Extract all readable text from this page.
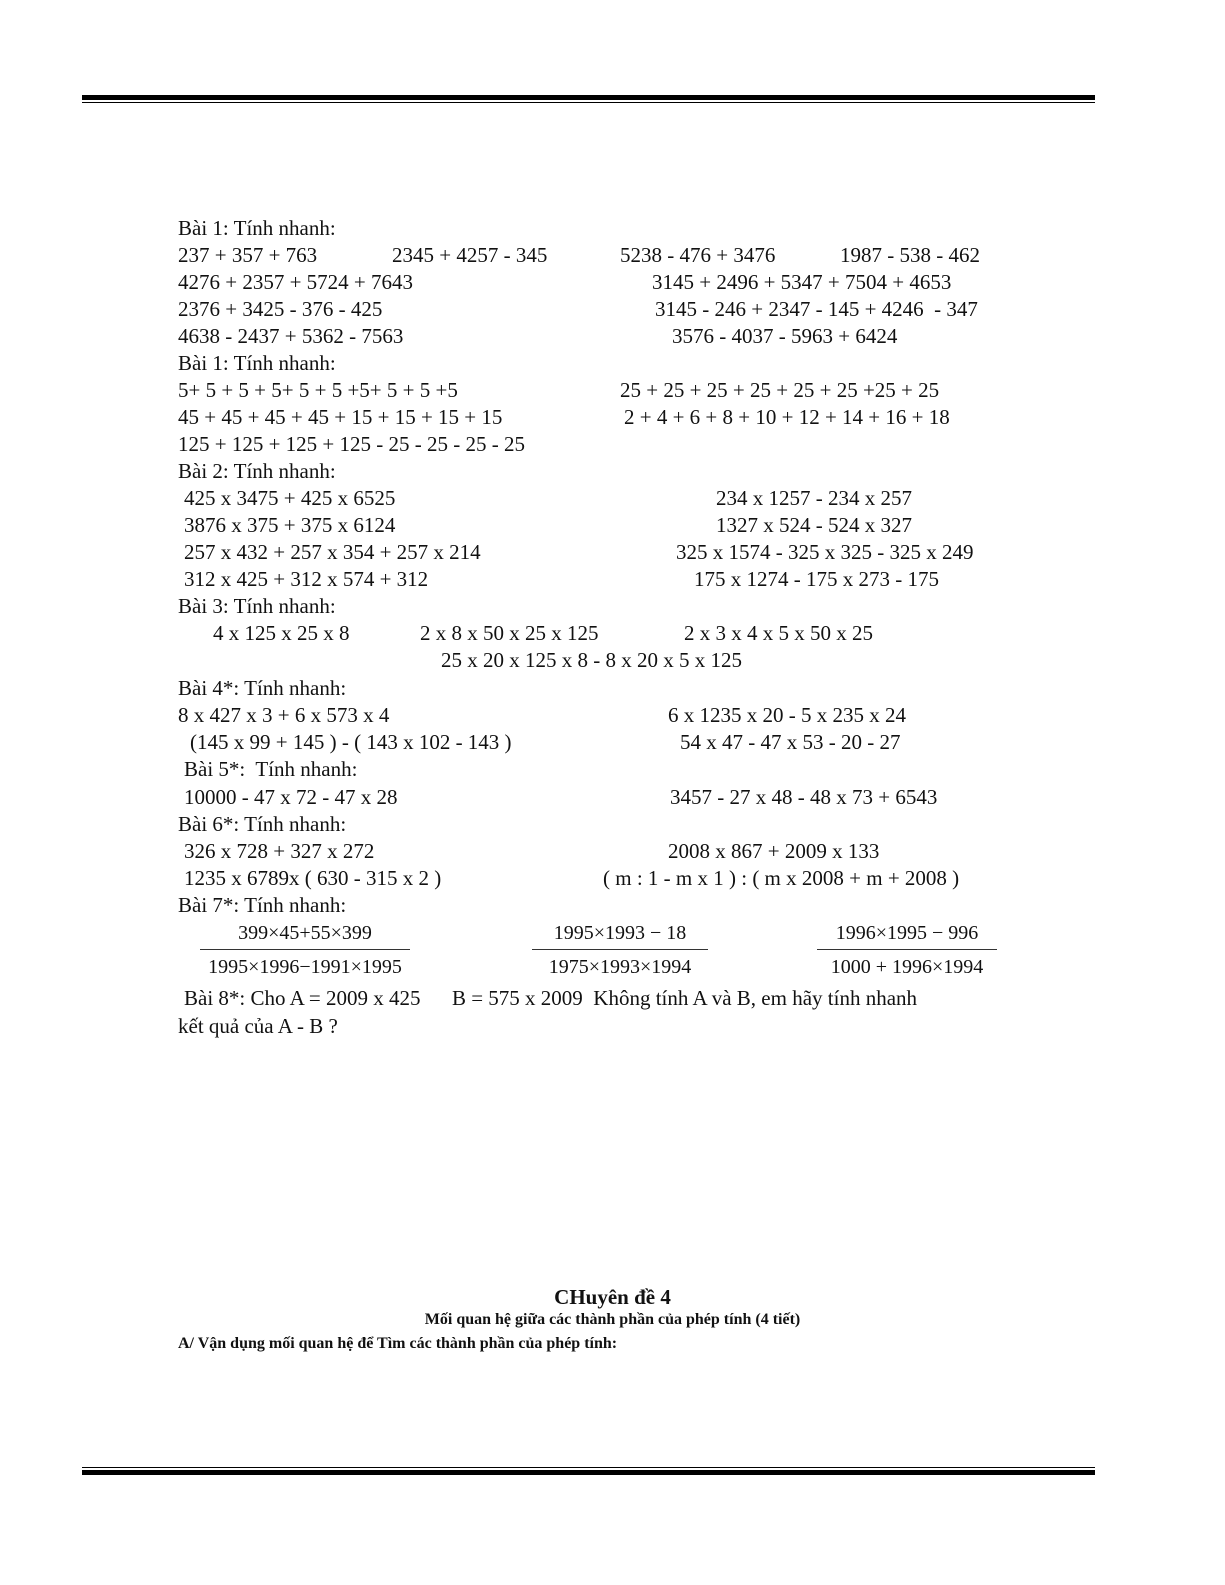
Bài 1: Tính nhanh:
237 + 357 + 763	2345 + 4257 - 345	5238 - 476 + 3476	1987 - 538 - 462
4276 + 2357 + 5724 + 7643	3145 + 2496 + 5347 + 7504 + 4653
2376 + 3425 - 376 - 425	3145 - 246 + 2347 - 145 + 4246  - 347
4638 - 2437 + 5362 - 7563	3576 - 4037 - 5963 + 6424
Bài 1: Tính nhanh:
5+ 5 + 5 + 5+ 5 + 5 +5+ 5 + 5 +5	25 + 25 + 25 + 25 + 25 + 25 +25 + 25
45 + 45 + 45 + 45 + 15 + 15 + 15 + 15	2 + 4 + 6 + 8 + 10 + 12 + 14 + 16 + 18
125 + 125 + 125 + 125 - 25 - 25 - 25 - 25
Bài 2: Tính nhanh:
425 x 3475 + 425 x 6525	234 x 1257 - 234 x 257
3876 x 375 + 375 x 6124	1327 x 524 - 524 x 327
257 x 432 + 257 x 354 + 257 x 214	325 x 1574 - 325 x 325 - 325 x 249
312 x 425 + 312 x 574 + 312	175 x 1274 - 175 x 273 - 175
Bài 3: Tính nhanh:
4 x 125 x 25 x 8	2 x 8 x 50 x 25 x 125	2 x 3 x 4 x 5 x 50 x 25
25 x 20 x 125 x 8 - 8 x 20 x 5 x 125
Bài 4*: Tính nhanh:
8 x 427 x 3 + 6 x 573 x 4	6 x 1235 x 20 - 5 x 235 x 24
(145 x 99 + 145 ) - ( 143 x 102 - 143 )	54 x 47 - 47 x 53 - 20 - 27
Bài 5*:  Tính nhanh:
10000 - 47 x 72 - 47 x 28	3457 - 27 x 48 - 48 x 73 + 6543
Bài 6*: Tính nhanh:
326 x 728 + 327 x 272	2008 x 867 + 2009 x 133
1235 x 6789x ( 630 - 315 x 2 )	( m : 1 - m x 1 ) : ( m x 2008 + m + 2008 )
Bài 7*: Tính nhanh:
$\frac{399\times 45+55\times 399}{1995\times 1996-1991\times 1995}$	$\frac{1995\times 1993 - 18}{1975\times 1993\times 1994}$	$\frac{1996\times 1995 - 996}{1000 + 1996\times 1994}$
Bài 8*: Cho A = 2009 x 425      B = 575 x 2009  Không tính A và B, em hãy tính nhanh
kết quả của A - B ?
CHuyên đề 4
Mối quan hệ giữa các thành phần của phép tính (4 tiết)
A/ Vận dụng mối quan hệ để Tìm các thành phần của phép tính:
